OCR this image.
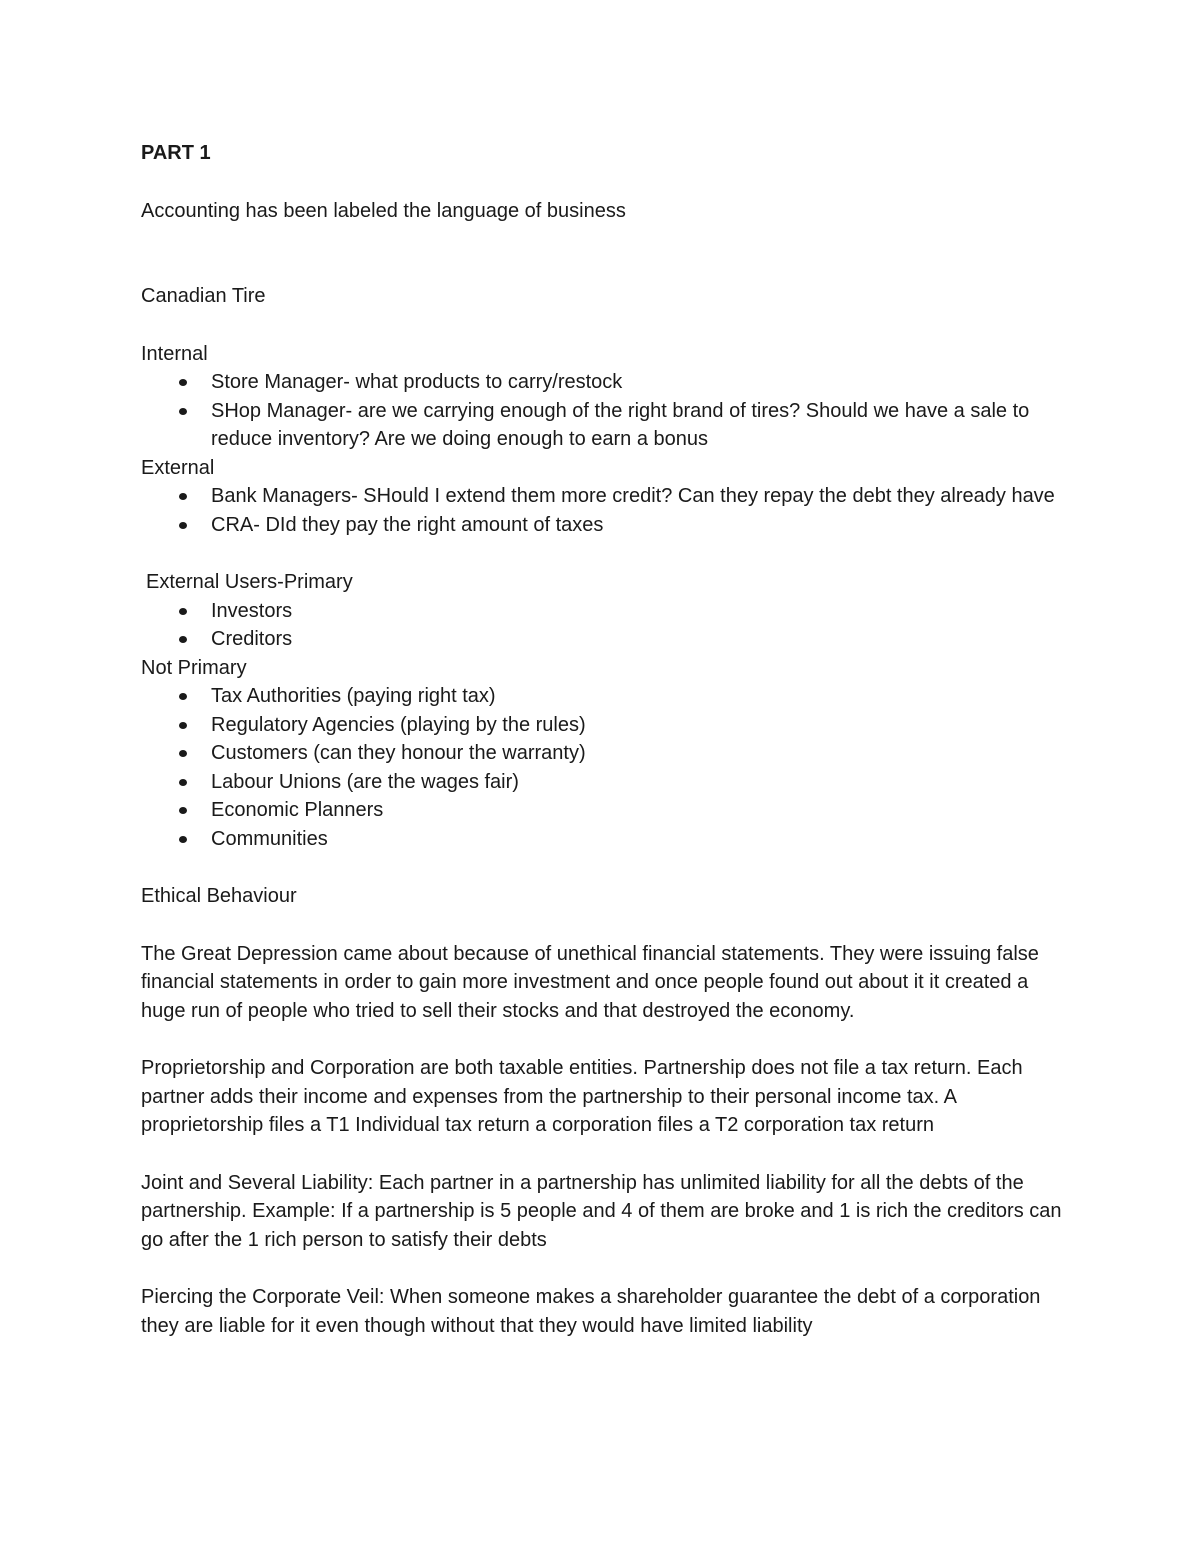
PART 1

Accounting has been labeled the language of business

Canadian Tire

Internal

Store Manager- what products to carry/restock
SHop Manager- are we carrying enough of the right brand of tires? Should we have a sale to reduce inventory? Are we doing enough to earn a bonus

External

Bank Managers- SHould I extend them more credit? Can they repay the debt they already have
CRA- DId they pay the right amount of taxes

External Users-Primary

Investors
Creditors

Not Primary

Tax Authorities (paying right tax)
Regulatory Agencies (playing by the rules)
Customers (can they honour the warranty)
Labour Unions (are the wages fair)
Economic Planners
Communities

Ethical Behaviour

The Great Depression came about because of unethical financial statements. They were issuing false financial statements in order to gain more investment and once people found out about it it created a huge run of people who tried to sell their stocks and that destroyed the economy.

Proprietorship and Corporation are both taxable entities. Partnership does not file a tax return. Each partner adds their income and expenses from the partnership to their personal income tax. A proprietorship files a T1 Individual tax return a corporation files a T2 corporation tax return

Joint and Several Liability: Each partner in a partnership has unlimited liability for all the debts of the partnership. Example: If a partnership is 5 people and 4 of them are broke and 1 is rich the creditors can go after the 1 rich person to satisfy their debts

Piercing the Corporate Veil: When someone makes a shareholder guarantee the debt of a corporation they are liable for it even though without that they would have limited liability
